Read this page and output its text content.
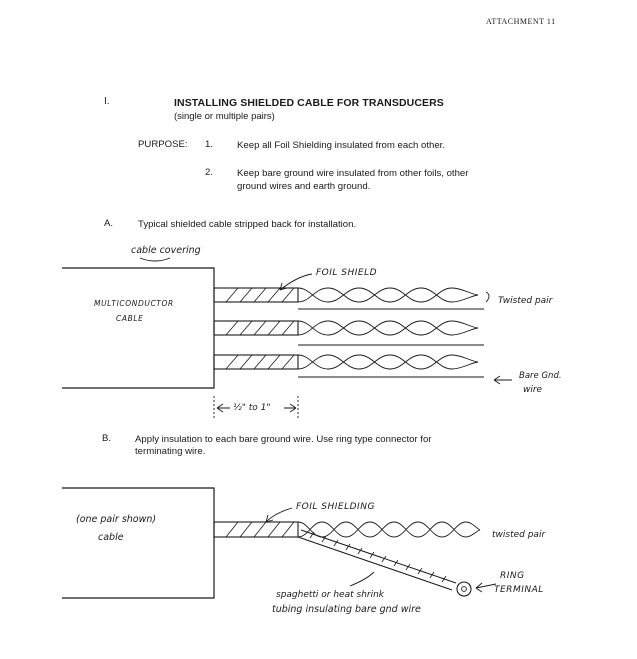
ATTACHMENT 11
I.	INSTALLING SHIELDED CABLE FOR TRANSDUCERS
(single or multiple pairs)
PURPOSE: 1. Keep all Foil Shielding insulated from each other.
2. Keep bare ground wire insulated from other foils, other
ground wires and earth ground.
A.	Typical shielded cable stripped back for installation.
B. Apply insulation to each bare ground wire. Use ring type connector for
terminating wire.
cable covering
MULTICONDUCTOR
CABLE
FOIL SHIELD
Twisted pair
Bare Gnd.
wire
½" to 1"
(one pair shown)
cable
FOIL SHIELDING
twisted pair
RING
TERMINAL
spaghetti or heat shrink
tubing insulating bare gnd wire
